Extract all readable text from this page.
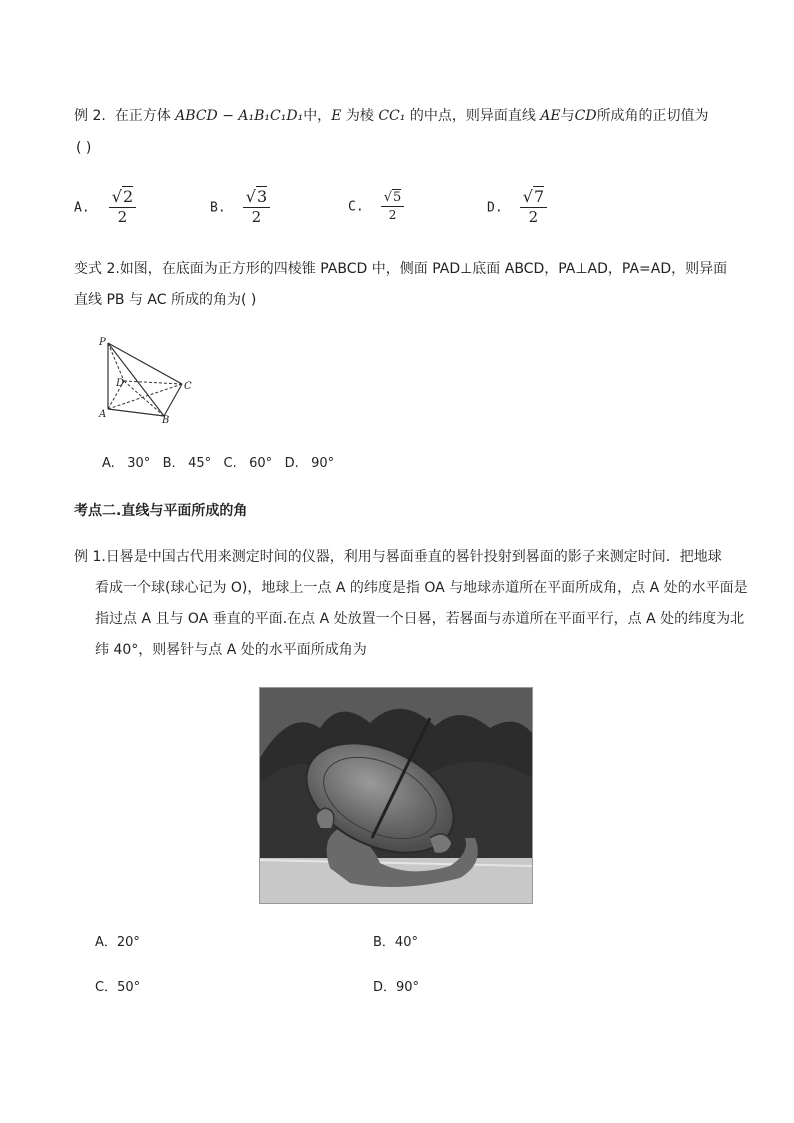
例 2. 在正方体 ABCD − A₁B₁C₁D₁中，E 为棱 CC₁ 的中点，则异面直线 AE与CD所成角的正切值为
( )
A. $\frac{√2}{2}$	B. $\frac{√3}{2}$	C. $\frac{√5}{2}$	D. $\frac{√7}{2}$
变式 2.如图，在底面为正方形的四棱锥 PABCD 中，侧面 PAD⊥底面 ABCD，PA⊥AD，PA=AD，则异面
直线 PB 与 AC 所成的角为( )
P
D	C
A
B
A.   30°   B.   45°   C.   60°   D.   90°
考点二.直线与平面所成的角
例 1.日晷是中国古代用来测定时间的仪器，利用与晷面垂直的晷针投射到晷面的影子来测定时间．把地球
看成一个球(球心记为 O)，地球上一点 A 的纬度是指 OA 与地球赤道所在平面所成角，点 A 处的水平面是
指过点 A 且与 OA 垂直的平面.在点 A 处放置一个日晷，若晷面与赤道所在平面平行，点 A 处的纬度为北
纬 40°，则晷针与点 A 处的水平面所成角为
A．20°	B．40°
C．50°	D．90°
